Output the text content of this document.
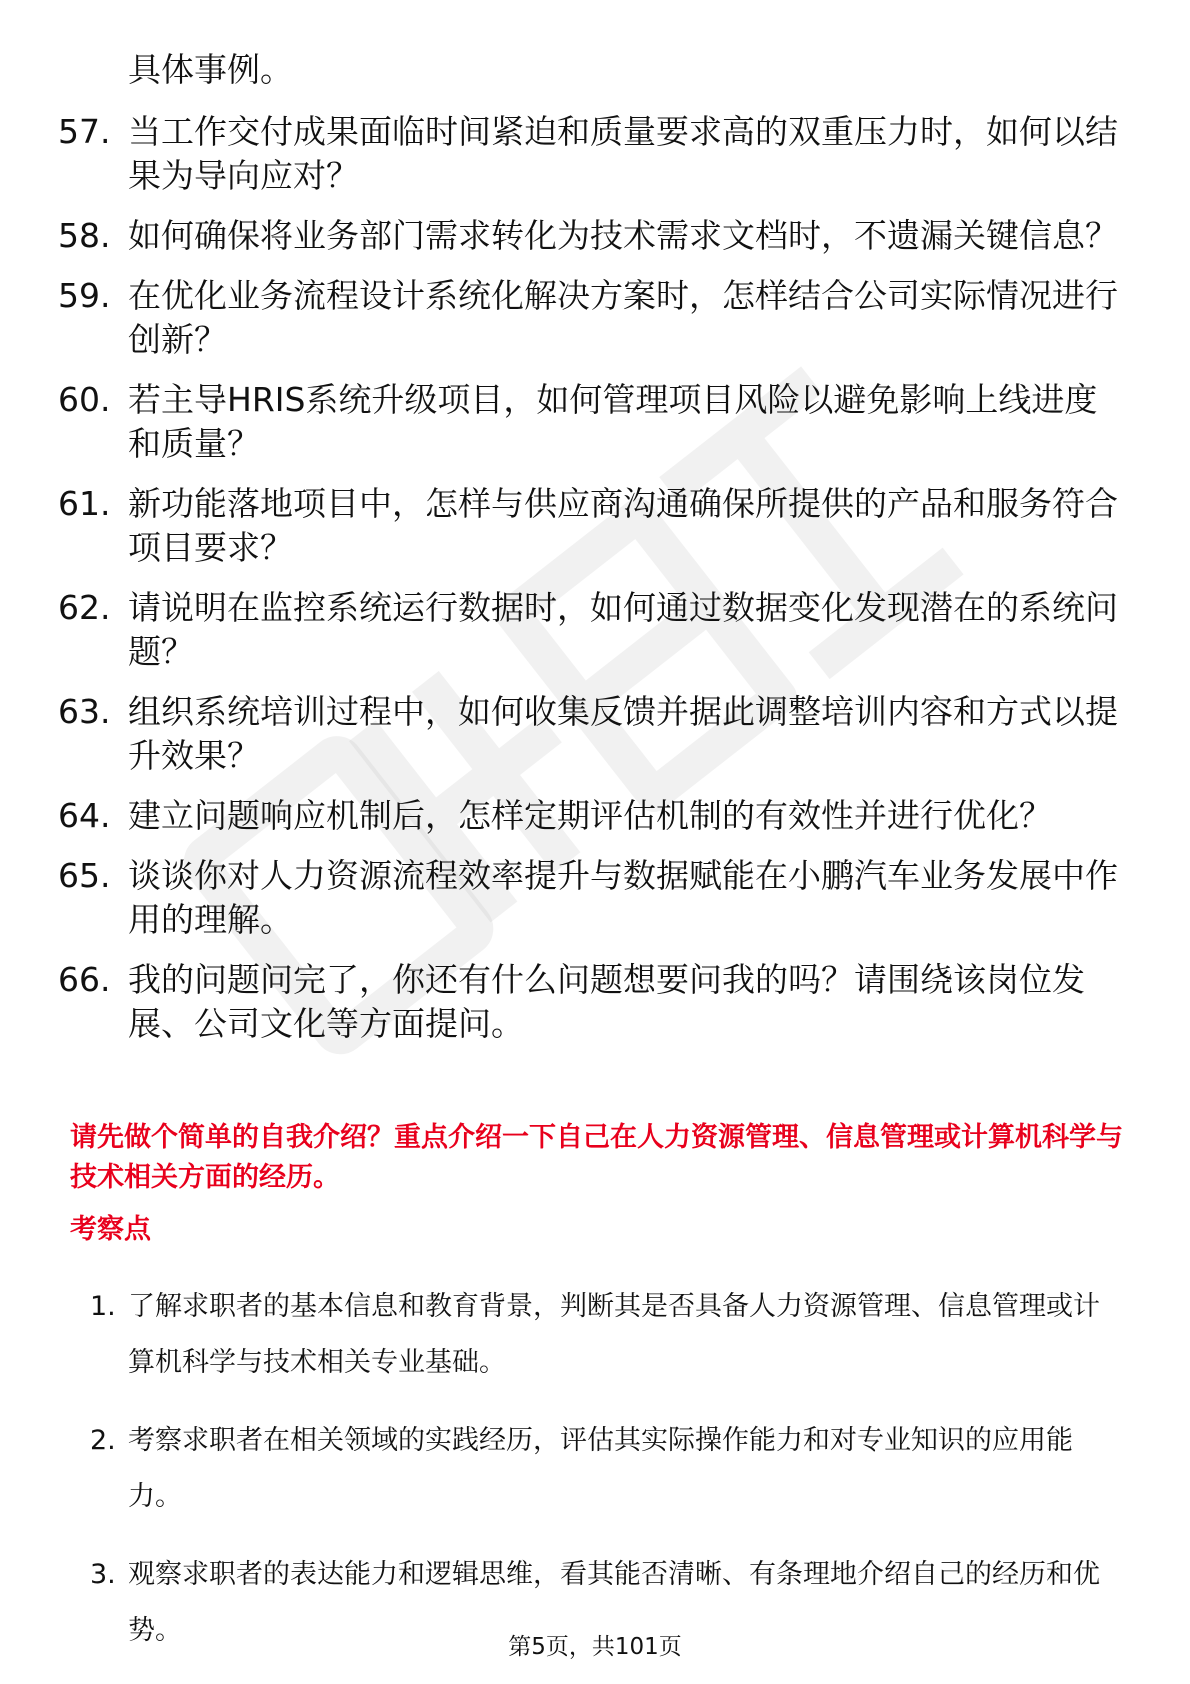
具体事例。

57. 当工作交付成果面临时间紧迫和质量要求高的双重压力时，如何以结果为导向应对？
58. 如何确保将业务部门需求转化为技术需求文档时，不遗漏关键信息？
59. 在优化业务流程设计系统化解决方案时，怎样结合公司实际情况进行创新？
60. 若主导HRIS系统升级项目，如何管理项目风险以避免影响上线进度和质量？
61. 新功能落地项目中，怎样与供应商沟通确保所提供的产品和服务符合项目要求？
62. 请说明在监控系统运行数据时，如何通过数据变化发现潜在的系统问题？
63. 组织系统培训过程中，如何收集反馈并据此调整培训内容和方式以提升效果？
64. 建立问题响应机制后，怎样定期评估机制的有效性并进行优化？
65. 谈谈你对人力资源流程效率提升与数据赋能在小鹏汽车业务发展中作用的理解。
66. 我的问题问完了，你还有什么问题想要问我的吗？请围绕该岗位发展、公司文化等方面提问。

请先做个简单的自我介绍？重点介绍一下自己在人力资源管理、信息管理或计算机科学与技术相关方面的经历。

考察点

1. 了解求职者的基本信息和教育背景，判断其是否具备人力资源管理、信息管理或计算机科学与技术相关专业基础。
2. 考察求职者在相关领域的实践经历，评估其实际操作能力和对专业知识的应用能力。
3. 观察求职者的表达能力和逻辑思维，看其能否清晰、有条理地介绍自己的经历和优势。
第5页，共101页
